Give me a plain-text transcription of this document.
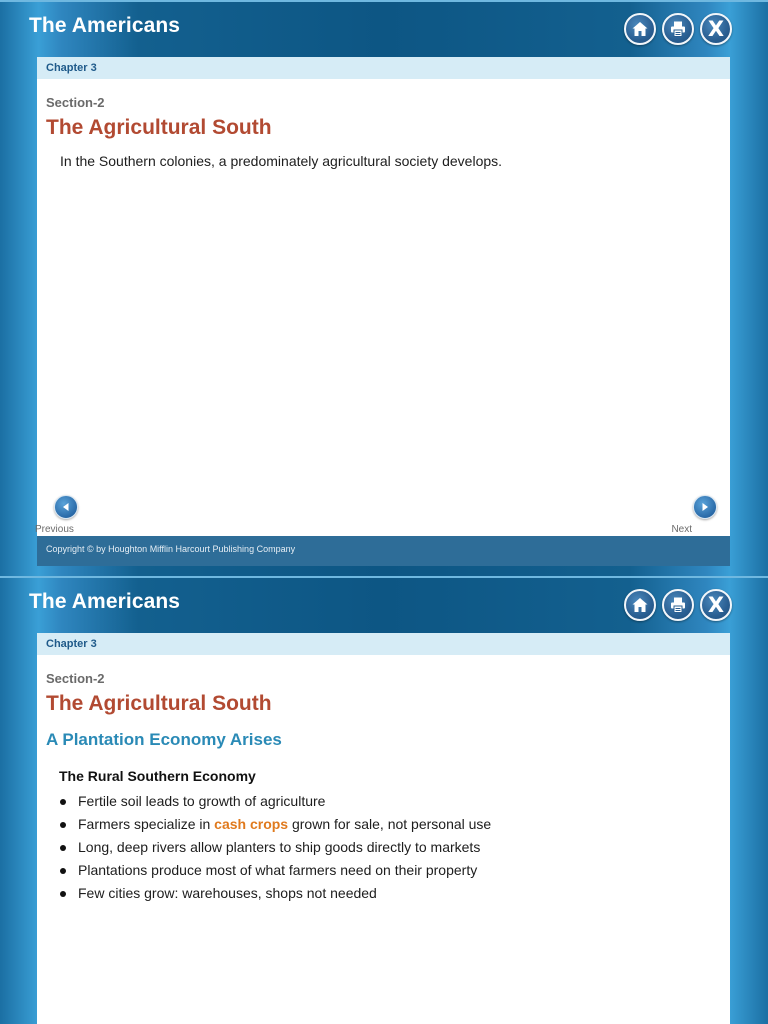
The Americans	X
Chapter 3

Section-2

The Agricultural South

In the Southern colonies, a predominately agricultural society develops.

Previous	Next
Copyright © by Houghton Mifflin Harcourt Publishing Company
The Americans	X
Chapter 3

Section-2

The Agricultural South
A Plantation Economy Arises

The Rural Southern Economy

Fertile soil leads to growth of agriculture
Farmers specialize in cash crops grown for sale, not personal use
Long, deep rivers allow planters to ship goods directly to markets
Plantations produce most of what farmers need on their property
Few cities grow: warehouses, shops not needed
